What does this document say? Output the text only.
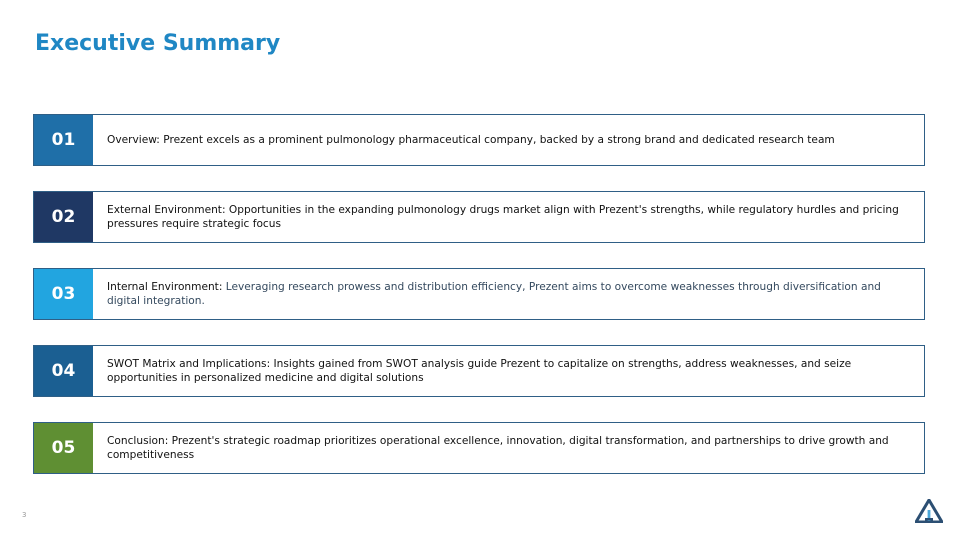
Executive Summary
01	Overview: Prezent excels as a prominent pulmonology pharmaceutical company, backed by a strong brand and dedicated research team

02	External Environment: Opportunities in the expanding pulmonology drugs market align with Prezent's strengths, while regulatory hurdles and pricing pressures require strategic focus

03	Internal Environment: Leveraging research prowess and distribution efficiency, Prezent aims to overcome weaknesses through diversification and digital integration.

04	SWOT Matrix and Implications: Insights gained from SWOT analysis guide Prezent to capitalize on strengths, address weaknesses, and seize opportunities in personalized medicine and digital solutions

05	Conclusion: Prezent's strategic roadmap prioritizes operational excellence, innovation, digital transformation, and partnerships to drive growth and competitiveness

3
